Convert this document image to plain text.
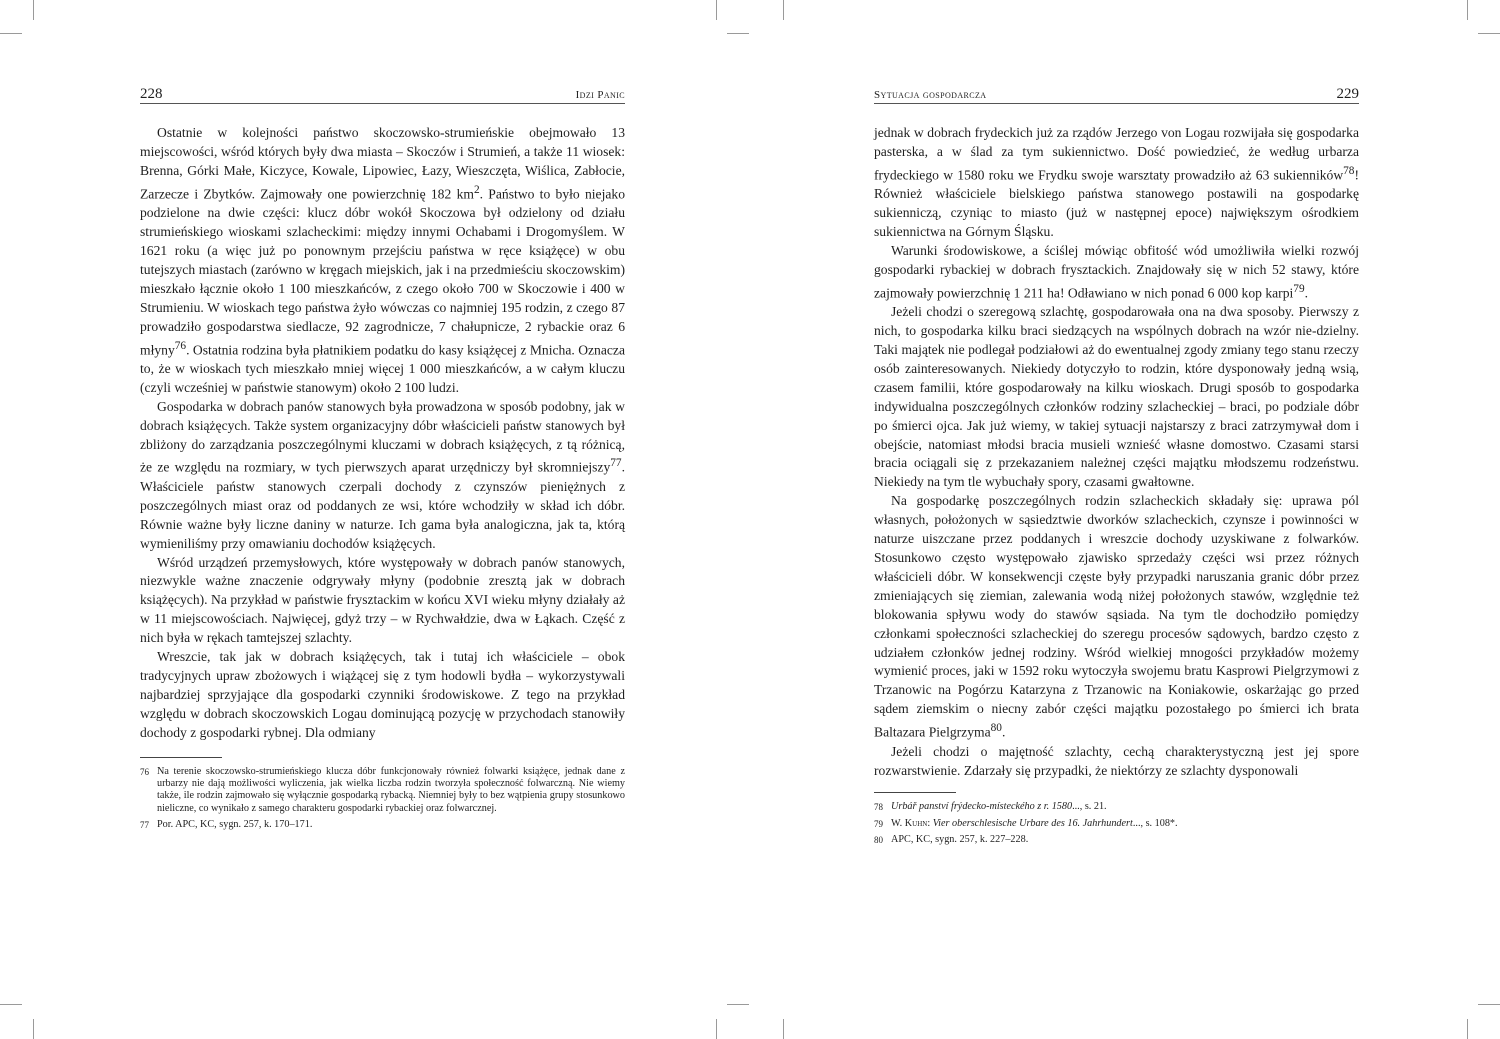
228	Idzi Panic

Ostatnie w kolejności państwo skoczowsko-strumieńskie obejmowało 13 miejscowości, wśród których były dwa miasta – Skoczów i Strumień, a także 11 wiosek: Brenna, Górki Małe, Kiczyce, Kowale, Lipowiec, Łazy, Wieszczęta, Wiślica, Zabłocie, Zarzecze i Zbytków. Zajmowały one powierzchnię 182 $km^2$. Państwo to było niejako podzielone na dwie części: klucz dóbr wokół Skoczowa był odzielony od działu strumieńskiego wioskami szlacheckimi: między innymi Ochabami i Drogomyślem. W 1621 roku (a więc już po ponownym przejściu państwa w ręce książęce) w obu tutejszych miastach (zarówno w kręgach miejskich, jak i na przedmieściu skoczowskim) mieszkało łącznie około 1 100 mieszkańców, z czego około 700 w Skoczowie i 400 w Strumieniu. W wioskach tego państwa żyło wówczas co najmniej 195 rodzin, z czego 87 prowadziło gospodarstwa siedlacze, 92 zagrodnicze, 7 chałupnicze, 2 rybackie oraz 6 młyny$^{76}$. Ostatnia rodzina była płatnikiem podatku do kasy książęcej z Mnicha. Oznacza to, że w wioskach tych mieszkało mniej więcej 1 000 mieszkańców, a w całym kluczu (czyli wcześniej w państwie stanowym) około 2 100 ludzi.

Gospodarka w dobrach panów stanowych była prowadzona w sposób podobny, jak w dobrach książęcych. Także system organizacyjny dóbr właścicieli państw stanowych był zbliżony do zarządzania poszczególnymi kluczami w dobrach książęcych, z tą różnicą, że ze względu na rozmiary, w tych pierwszych aparat urzędniczy był skromniejszy$^{77}$. Właściciele państw stanowych czerpali dochody z czynszów pieniężnych z poszczególnych miast oraz od poddanych ze wsi, które wchodziły w skład ich dóbr. Równie ważne były liczne daniny w naturze. Ich gama była analogiczna, jak ta, którą wymieniliśmy przy omawianiu dochodów książęcych.

Wśród urządzeń przemysłowych, które występowały w dobrach panów stanowych, niezwykle ważne znaczenie odgrywały młyny (podobnie zresztą jak w dobrach książęcych). Na przykład w państwie frysztackim w końcu XVI wieku młyny działały aż w 11 miejscowościach. Najwięcej, gdyż trzy – w Rychwałdzie, dwa w Łąkach. Część z nich była w rękach tamtejszej szlachty.

Wreszcie, tak jak w dobrach książęcych, tak i tutaj ich właściciele – obok tradycyjnych upraw zbożowych i wiążącej się z tym hodowli bydła – wykorzystywali najbardziej sprzyjające dla gospodarki czynniki środowiskowe. Z tego na przykład względu w dobrach skoczowskich Logau dominującą pozycję w przychodach stanowiły dochody z gospodarki rybnej. Dla odmiany

76 Na terenie skoczowsko-strumieńskiego klucza dóbr funkcjonowały również folwarki książęce, jednak dane z urbarzy nie dają możliwości wyliczenia, jak wielka liczba rodzin tworzyła społeczność folwarczną. Nie wiemy także, ile rodzin zajmowało się wyłącznie gospodarką rybacką. Niemniej były to bez wątpienia grupy stosunkowo nieliczne, co wynikało z samego charakteru gospodarki rybackiej oraz folwarcznej.
77 Por. APC, KC, sygn. 257, k. 170–171.
Sytuacja gospodarcza	229

jednak w dobrach frydeckich już za rządów Jerzego von Logau rozwijała się gospodarka pasterska, a w ślad za tym sukiennictwo. Dość powiedzieć, że według urbarza frydeckiego w 1580 roku we Frydku swoje warsztaty prowadziło aż 63 sukienników$^{78}$! Również właściciele bielskiego państwa stanowego postawili na gospodarkę sukienniczą, czyniąc to miasto (już w następnej epoce) największym ośrodkiem sukiennictwa na Górnym Śląsku.

Warunki środowiskowe, a ściślej mówiąc obfitość wód umożliwiła wielki rozwój gospodarki rybackiej w dobrach frysztackich. Znajdowały się w nich 52 stawy, które zajmowały powierzchnię 1 211 ha! Odławiano w nich ponad 6 000 kop karpi$^{79}$.

Jeżeli chodzi o szeregową szlachtę, gospodarowała ona na dwa sposoby. Pierwszy z nich, to gospodarka kilku braci siedzących na wspólnych dobrach na wzór nie-dzielny. Taki majątek nie podlegał podziałowi aż do ewentualnej zgody zmiany tego stanu rzeczy osób zainteresowanych. Niekiedy dotyczyło to rodzin, które dysponowały jedną wsią, czasem familii, które gospodarowały na kilku wioskach. Drugi sposób to gospodarka indywidualna poszczególnych członków rodziny szlacheckiej – braci, po podziale dóbr po śmierci ojca. Jak już wiemy, w takiej sytuacji najstarszy z braci zatrzymywał dom i obejście, natomiast młodsi bracia musieli wznieść własne domostwo. Czasami starsi bracia ociągali się z przekazaniem należnej części majątku młodszemu rodzeństwu. Niekiedy na tym tle wybuchały spory, czasami gwałtowne.

Na gospodarkę poszczególnych rodzin szlacheckich składały się: uprawa pól własnych, położonych w sąsiedztwie dworków szlacheckich, czynsze i powinności w naturze uiszczane przez poddanych i wreszcie dochody uzyskiwane z folwarków. Stosunkowo często występowało zjawisko sprzedaży części wsi przez różnych właścicieli dóbr. W konsekwencji częste były przypadki naruszania granic dóbr przez zmieniających się ziemian, zalewania wodą niżej położonych stawów, względnie też blokowania spływu wody do stawów sąsiada. Na tym tle dochodziło pomiędzy członkami społeczności szlacheckiej do szeregu procesów sądowych, bardzo często z udziałem członków jednej rodziny. Wśród wielkiej mnogości przykładów możemy wymienić proces, jaki w 1592 roku wytoczyła swojemu bratu Kasprowi Pielgrzymowi z Trzanowic na Pogórzu Katarzyna z Trzanowic na Koniakowie, oskarżając go przed sądem ziemskim o niecny zabór części majątku pozostałego po śmierci ich brata Baltazara Pielgrzyma$^{80}$.

Jeżeli chodzi o majętność szlachty, cechą charakterystyczną jest jej spore rozwarstwienie. Zdarzały się przypadki, że niektórzy ze szlachty dysponowali

78 Urbář panství frýdecko-místeckého z r. 1580..., s. 21.
79 W. Kuhn: Vier oberschlesische Urbare des 16. Jahrhundert..., s. 108*.
80 APC, KC, sygn. 257, k. 227–228.
